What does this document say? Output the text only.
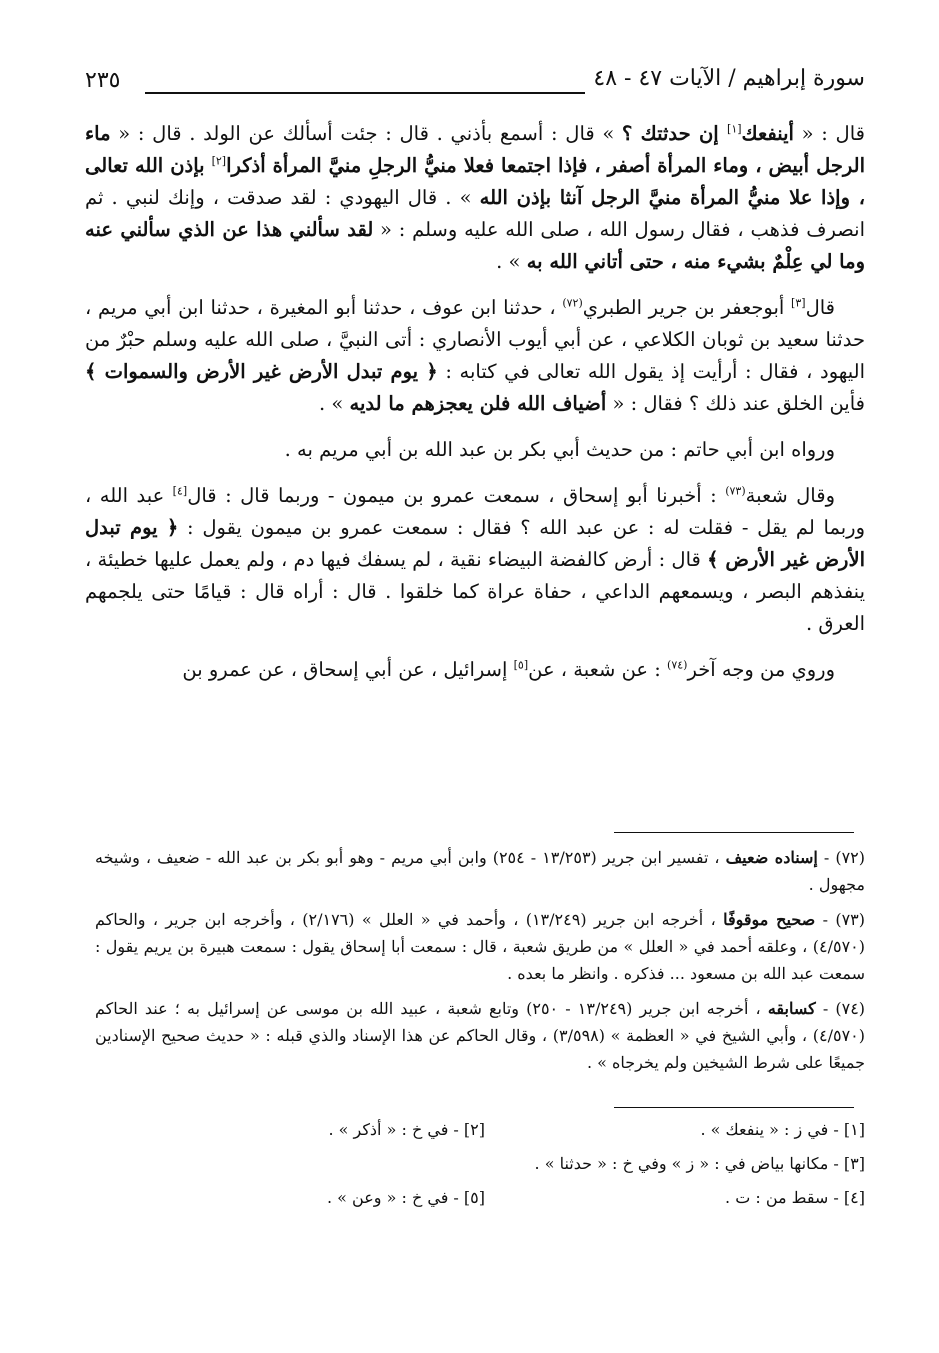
٢٣٥	سورة إبراهيم / الآيات ٤٧ - ٤٨

قال : « أينفعك[١] إن حدثتك ؟ » قال : أسمع بأذني . قال : جئت أسألك عن الولد . قال : « ماء الرجل أبيض ، وماء المرأة أصفر ، فإذا اجتمعا فعلا منيُّ الرجلِ منيَّ المرأة أذكرا[٢] بإذن الله تعالى ، وإذا علا منيُّ المرأة منيَّ الرجل آنثا بإذن الله » . قال اليهودي : لقد صدقت ، وإنك لنبي . ثم انصرف فذهب ، فقال رسول الله ، صلى الله عليه وسلم : « لقد سألني هذا عن الذي سألني عنه وما لي عِلْمٌ بشيء منه ، حتى أتاني الله به » .

قال[٣] أبوجعفر بن جرير الطبري$^{(٧٢)}$ ، حدثنا ابن عوف ، حدثنا أبو المغيرة ، حدثنا ابن أبي مريم ، حدثنا سعيد بن ثوبان الكلاعي ، عن أبي أيوب الأنصاري : أتى النبيَّ ، صلى الله عليه وسلم حبْرٌ من اليهود ، فقال : أرأيت إذ يقول الله تعالى في كتابه : ﴿ يوم تبدل الأرض غير الأرض والسموات ﴾ فأين الخلق عند ذلك ؟ فقال : « أضياف الله فلن يعجزهم ما لديه » .

ورواه ابن أبي حاتم : من حديث أبي بكر بن عبد الله بن أبي مريم به .

وقال شعبة$^{(٧٣)}$ : أخبرنا أبو إسحاق ، سمعت عمرو بن ميمون - وربما قال : قال[٤] عبد الله ، وربما لم يقل - فقلت له : عن عبد الله ؟ فقال : سمعت عمرو بن ميمون يقول : ﴿ يوم تبدل الأرض غير الأرض ﴾ قال : أرض كالفضة البيضاء نقية ، لم يسفك فيها دم ، ولم يعمل عليها خطيئة ، ينفذهم البصر ، ويسمعهم الداعي ، حفاة عراة كما خلقوا . قال : أراه قال : قيامًا حتى يلجمهم العرق .

وروي من وجه آخر$^{(٧٤)}$ : عن شعبة ، عن[٥] إسرائيل ، عن أبي إسحاق ، عن عمرو بن

(٧٢) - إسناده ضعيف ، تفسير ابن جرير (١٣/٢٥٣ - ٢٥٤) وابن أبي مريم - وهو أبو بكر بن عبد الله - ضعيف ، وشيخه مجهول .

(٧٣) - صحيح موقوفًا ، أخرجه ابن جرير (١٣/٢٤٩) ، وأحمد في « العلل » (٢/١٧٦) ، وأخرجه ابن جرير ، والحاكم (٤/٥٧٠) ، وعلقه أحمد في « العلل » من طريق شعبة ، قال : سمعت أبا إسحاق يقول : سمعت هبيرة بن يريم يقول : سمعت عبد الله بن مسعود ... فذكره . وانظر ما بعده .

(٧٤) - كسابقه ، أخرجه ابن جرير (١٣/٢٤٩ - ٢٥٠) وتابع شعبة ، عبيد الله بن موسى عن إسرائيل به ؛ عند الحاكم (٤/٥٧٠) ، وأبي الشيخ في « العظمة » (٣/٥٩٨) ، وقال الحاكم عن هذا الإسناد والذي قبله : « حديث صحيح الإسنادين جميعًا على شرط الشيخين ولم يخرجاه » .

[١] - في ز : « ينفعك » .
[٢] - في خ : « أذكر » .
[٣] - مكانها بياض في : « ز » وفي خ : « حدثنا » .
[٤] - سقط من : ت .
[٥] - في خ : « وعن » .
